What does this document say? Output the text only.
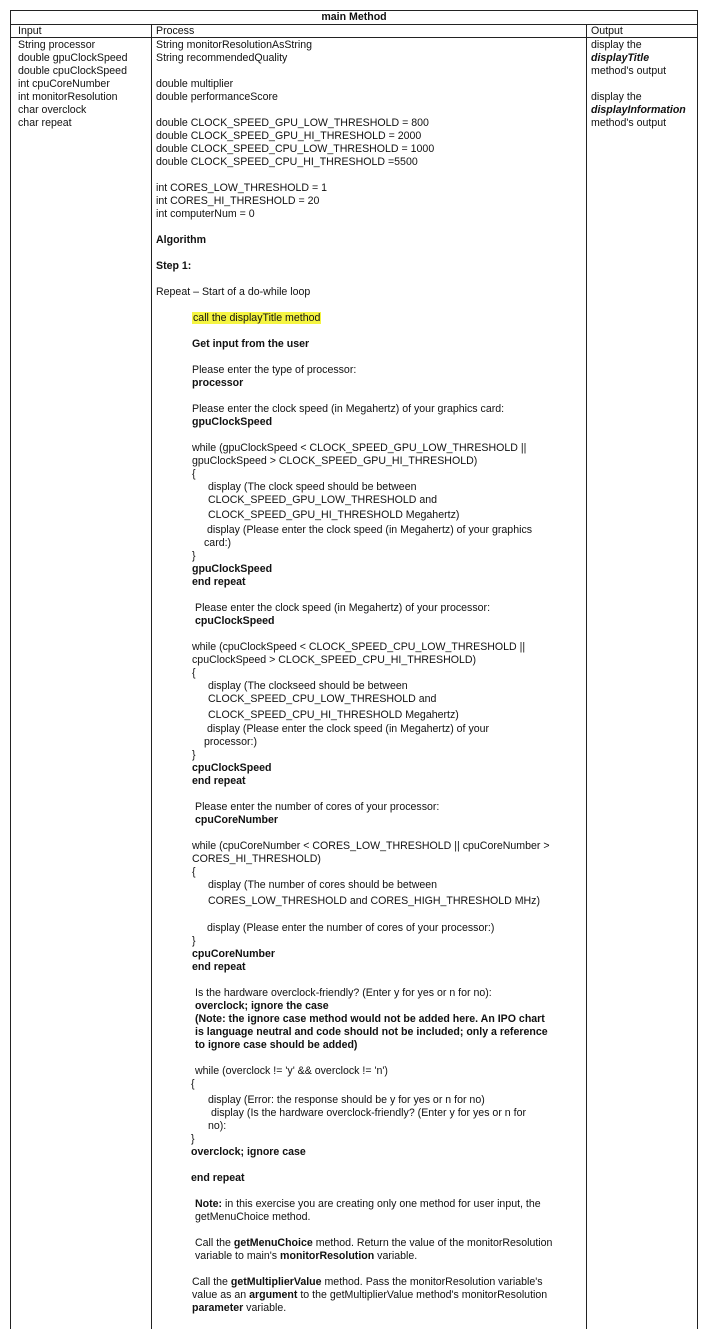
main Method
Input	Process	Output
String processor
double gpuClockSpeed
double cpuClockSpeed
int cpuCoreNumber
int monitorResolution
char overclock
char repeat
display the
displayTitle
method's output
display the
displayInformation
method's output
String monitorResolutionAsString
String recommendedQuality
double multiplier
double performanceScore
double CLOCK_SPEED_GPU_LOW_THRESHOLD = 800
double CLOCK_SPEED_GPU_HI_THRESHOLD = 2000
double CLOCK_SPEED_CPU_LOW_THRESHOLD = 1000
double CLOCK_SPEED_CPU_HI_THRESHOLD =5500
int CORES_LOW_THRESHOLD = 1
int CORES_HI_THRESHOLD = 20
int computerNum = 0
Algorithm
Step 1:
Repeat – Start of a do-while loop
call the displayTitle method
Get input from the user
Please enter the type of processor:
processor
Please enter the clock speed (in Megahertz) of your graphics card:
gpuClockSpeed
while (gpuClockSpeed < CLOCK_SPEED_GPU_LOW_THRESHOLD ||
gpuClockSpeed > CLOCK_SPEED_GPU_HI_THRESHOLD)
{
display (The clock speed should be between
CLOCK_SPEED_GPU_LOW_THRESHOLD and
CLOCK_SPEED_GPU_HI_THRESHOLD Megahertz)
display (Please enter the clock speed (in Megahertz) of your graphics
card:)
}
gpuClockSpeed
end repeat
Please enter the clock speed (in Megahertz) of your processor:
cpuClockSpeed
while (cpuClockSpeed < CLOCK_SPEED_CPU_LOW_THRESHOLD ||
cpuClockSpeed > CLOCK_SPEED_CPU_HI_THRESHOLD)
{
display (The clockseed should be between
CLOCK_SPEED_CPU_LOW_THRESHOLD and
CLOCK_SPEED_CPU_HI_THRESHOLD Megahertz)
display (Please enter the clock speed (in Megahertz) of your
processor:)
}
cpuClockSpeed
end repeat
Please enter the number of cores of your processor:
cpuCoreNumber
while (cpuCoreNumber < CORES_LOW_THRESHOLD || cpuCoreNumber >
CORES_HI_THRESHOLD)
{
display (The number of cores should be between
CORES_LOW_THRESHOLD and CORES_HIGH_THRESHOLD MHz)
display (Please enter the number of cores of your processor:)
}
cpuCoreNumber
end repeat
Is the hardware overclock-friendly? (Enter y for yes or n for no):
overclock; ignore the case
(Note: the ignore case method would not be added here. An IPO chart
is language neutral and code should not be included; only a reference
to ignore case should be added)
while (overclock != 'y' && overclock != 'n')
{
display (Error: the response should be y for yes or n for no)
display (Is the hardware overclock-friendly? (Enter y for yes or n for
no):
}
overclock; ignore case
end repeat
Note: in this exercise you are creating only one method for user input, the
getMenuChoice method.
Call the getMenuChoice method. Return the value of the monitorResolution
variable to main's monitorResolution variable.
Call the getMultiplierValue method. Pass the monitorResolution variable's
value as an argument to the getMultiplierValue method's monitorResolution
parameter variable.
